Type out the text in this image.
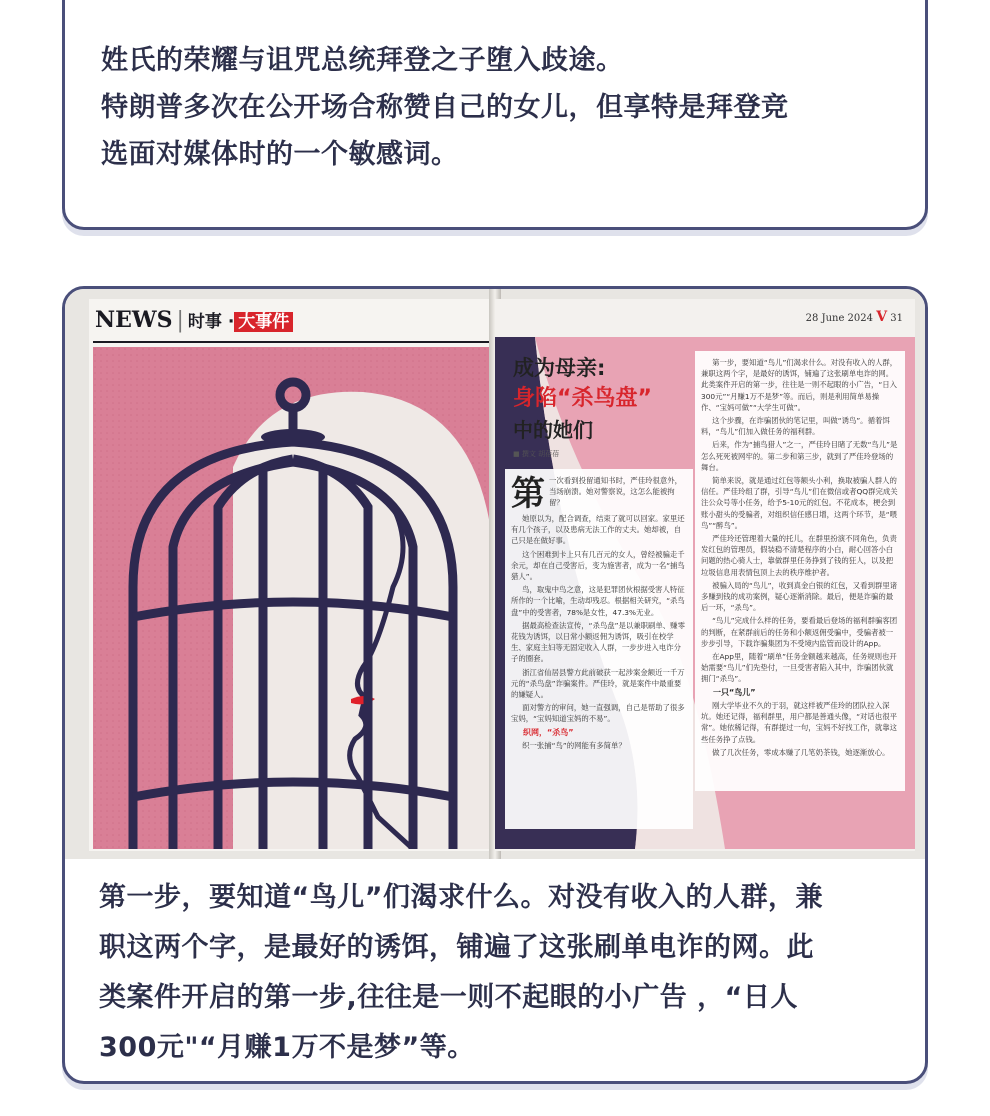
姓氏的荣耀与诅咒总统拜登之子堕入歧途。
特朗普多次在公开场合称赞自己的女儿，但享特是拜登竞
选面对媒体时的一个敏感词。
NEWS | 时事 · 大事件	28 June 2024 V 31
成为母亲:
身陷“杀鸟盘”
中的她们
■ 撰文 胡蓓蓓
第 一次看到投留通知书时，严佳玲很意外，当场崩溃。她对警察说，这怎么能被拘留？

她原以为，配合调查，结束了就可以回家。家里还有几个孩子，以及患病无法工作的丈夫。她却被，自己只是在做好事。

这个困难到卡上只有几百元的女人，曾经被骗走千余元，却在自己受害后，变为施害者，成为一名“捕鸟猎人”。

鸟，取鬼中鸟之意，这是犯罪团伙根据受害人特征所作的一个比喻，生动却残忍。根据相关研究，“杀鸟盘”中的受害者，78%是女性，47.3%无业。

据最高检查法宣传，“杀鸟盘”是以兼职刷单、赚零花钱为诱饵，以日常小额返佣为诱饵，吸引在校学生、家庭主妇等无固定收入人群，一步步进入电诈分子的圈套。

浙江省仙居县警方此前破获一起涉案金额近一千万元的“杀鸟盘”诈骗案件。严佳玲，就是案件中最重要的嫌疑人。

面对警方的审问，她一直强调，自己是帮助了很多宝妈，“宝妈知道宝妈的不易”。

织网，“杀鸟”

织一张捕“鸟”的网能有多简单？

第一步，要知道“鸟儿”们渴求什么。对没有收入的人群，兼职这两个字，是最好的诱饵，铺遍了这张刷单电诈的网。此类案件开启的第一步，往往是一则不起眼的小广告，“日入300元”“月赚1万不是梦”等。而后，则是利用简单易操作、“宝妈可做”“大学生可做”。

这个步骤，在诈骗团伙的笔记里，叫做“诱鸟”。循着饵料，“鸟儿”们加入做任务的福利群。

后来，作为“捕鸟猎人”之一，严佳玲目睹了无数“鸟儿”是怎么死死被网牢的。第二步和第三步，就到了严佳玲登场的舞台。

简单来说，就是通过红包等额头小利，换取被骗人群人的信任。严佳玲组了群，引导“鸟儿”们在微信或者QQ群完成关注公众号等小任务，给予5-10元的红包。不花成本，梗会到账小甜头的受骗者，对组织信任感日增，这两个环节，是“喂鸟”“醉鸟”。

严佳玲还管理着大量的托儿，在群里扮演不同角色，负责发红包的管理员，假装稳不清楚程序的小白，耐心回答小白问题的热心骑人士，靠做群里任务挣到了钱的狂人，以及把垃圾信息用表情包顶上去的秩序维护者。

被骗入局的“鸟儿”，收到真金白银的红包，又看到群里诸多赚到钱的成功案例，疑心逐渐消除。最后，便是诈骗的最后一环，“杀鸟”。

“鸟儿”完成什么样的任务，要看最后登场的福利群骗客团的判断，在紧群前后的任务和小额返佣受骗中，受骗者被一步步引导，下载诈骗集团为不受境内监管而设计的App。

在App里，随着“刷单”任务金额越来越高，任务规则也开始需要“鸟儿”们先垫付，一旦受害者陷入其中，诈骗团伙就拥门“杀鸟”。

一只“鸟儿”

刚大学毕业不久的于羽，就这样被严佳玲的团队拉入深坑。她还记得，福利群里，用户都是善通头像，“对话也很平常”。她依稀记得，有群提过一句，宝妈不好找工作，就靠这些任务挣了点钱。

做了几次任务，零成本赚了几笔奶茶钱，她逐渐放心。

第一步，要知道“鸟儿”们渴求什么。对没有收入的人群，兼
职这两个字，是最好的诱饵，铺遍了这张刷单电诈的网。此
类案件开启的第一步,往往是一则不起眼的小广告 ，“日人
300元"“月赚1万不是梦”等。
